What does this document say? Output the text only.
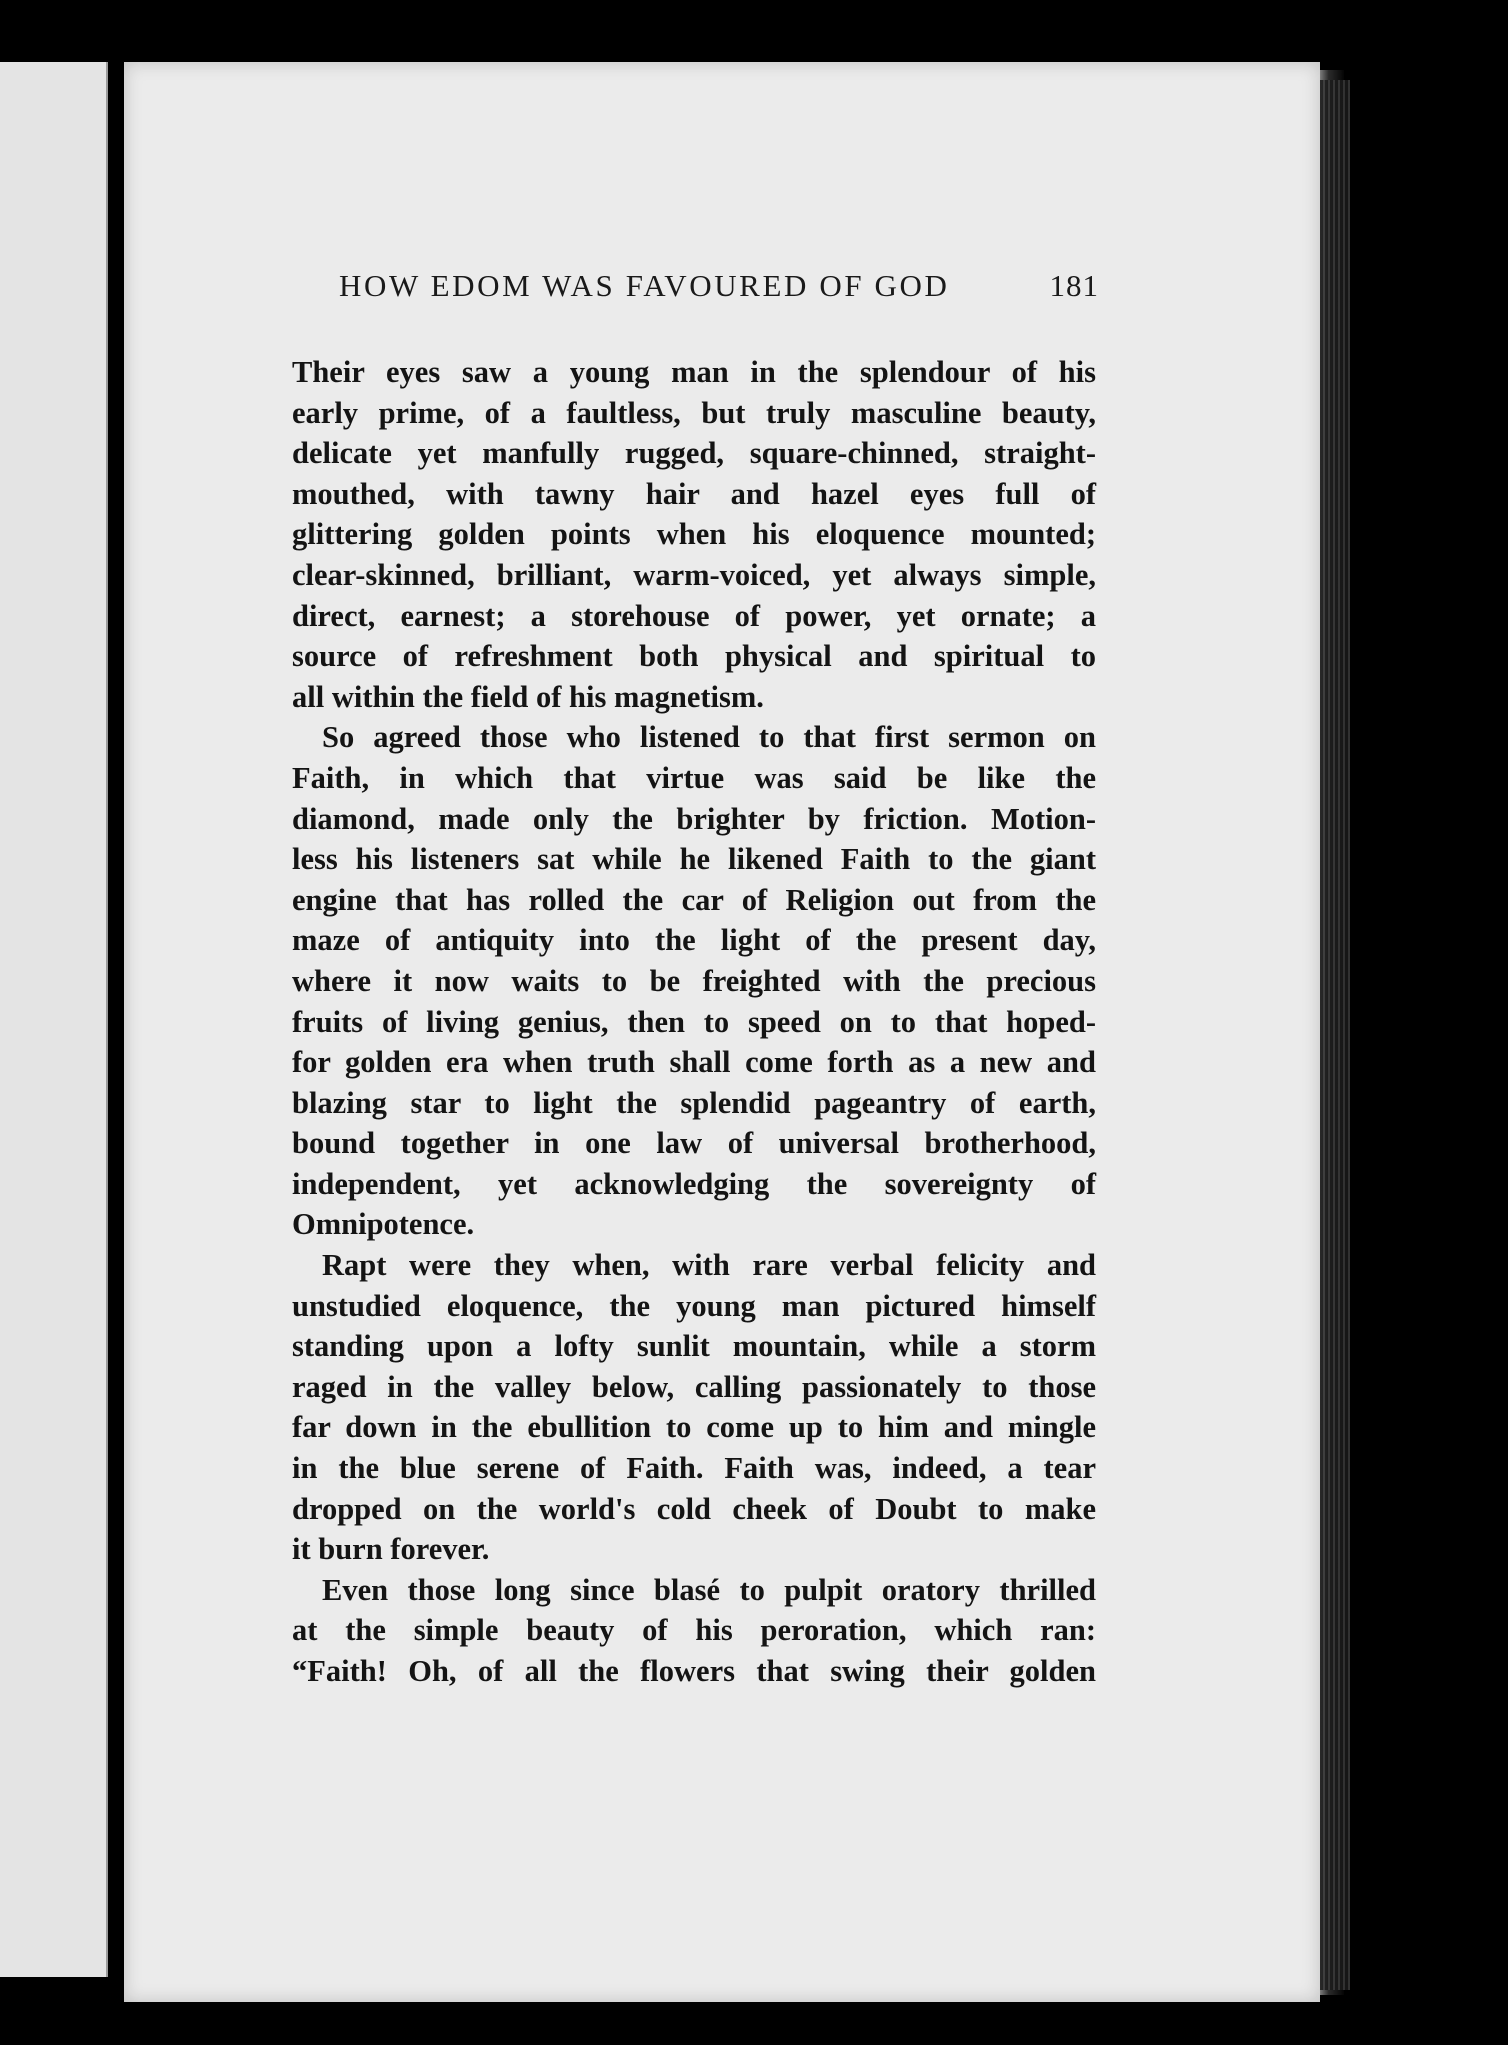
HOW EDOM WAS FAVOURED OF GOD	181
Their eyes saw a young man in the splendour of his
early prime, of a faultless, but truly masculine beauty,
delicate yet manfully rugged, square-chinned, straight-
mouthed, with tawny hair and hazel eyes full of
glittering golden points when his eloquence mounted;
clear-skinned, brilliant, warm-voiced, yet always simple,
direct, earnest; a storehouse of power, yet ornate; a
source of refreshment both physical and spiritual to
all within the field of his magnetism.
So agreed those who listened to that first sermon on
Faith, in which that virtue was said be like the
diamond, made only the brighter by friction. Motion-
less his listeners sat while he likened Faith to the giant
engine that has rolled the car of Religion out from the
maze of antiquity into the light of the present day,
where it now waits to be freighted with the precious
fruits of living genius, then to speed on to that hoped-
for golden era when truth shall come forth as a new and
blazing star to light the splendid pageantry of earth,
bound together in one law of universal brotherhood,
independent, yet acknowledging the sovereignty of
Omnipotence.
Rapt were they when, with rare verbal felicity and
unstudied eloquence, the young man pictured himself
standing upon a lofty sunlit mountain, while a storm
raged in the valley below, calling passionately to those
far down in the ebullition to come up to him and mingle
in the blue serene of Faith. Faith was, indeed, a tear
dropped on the world's cold cheek of Doubt to make
it burn forever.
Even those long since blasé to pulpit oratory thrilled
at the simple beauty of his peroration, which ran:
“Faith! Oh, of all the flowers that swing their golden
